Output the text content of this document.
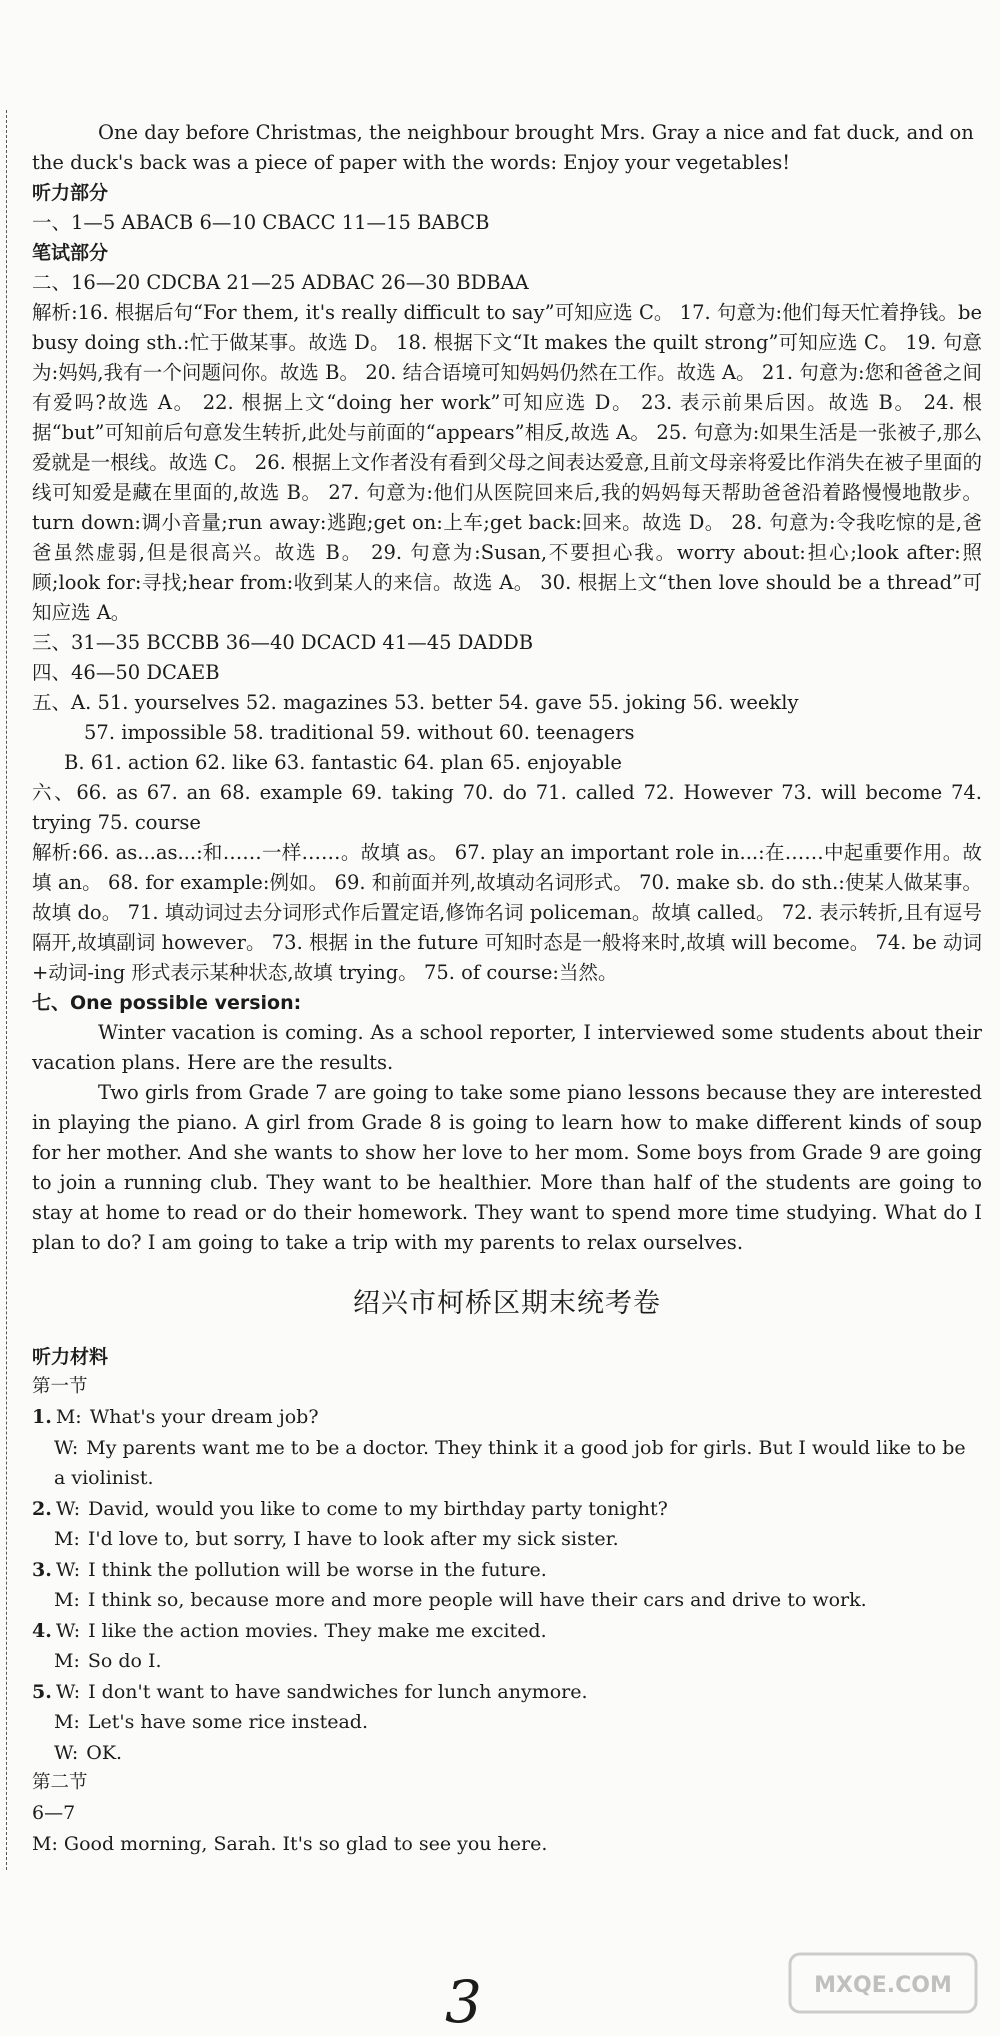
One day before Christmas, the neighbour brought Mrs. Gray a nice and fat duck, and on

the duck's back was a piece of paper with the words: Enjoy your vegetables!

听力部分
一、1—5 ABACB 6—10 CBACC 11—15 BABCB
笔试部分
二、16—20 CDCBA 21—25 ADBAC 26—30 BDBAA

解析:16. 根据后句“For them, it's really difficult to say”可知应选 C。 17. 句意为:他们每天忙着挣钱。be busy doing sth.:忙于做某事。故选 D。 18. 根据下文“It makes the quilt strong”可知应选 C。 19. 句意为:妈妈,我有一个问题问你。故选 B。 20. 结合语境可知妈妈仍然在工作。故选 A。 21. 句意为:您和爸爸之间有爱吗?故选 A。 22. 根据上文“doing her work”可知应选 D。 23. 表示前果后因。故选 B。 24. 根据“but”可知前后句意发生转折,此处与前面的“appears”相反,故选 A。 25. 句意为:如果生活是一张被子,那么爱就是一根线。故选 C。 26. 根据上文作者没有看到父母之间表达爱意,且前文母亲将爱比作消失在被子里面的线可知爱是藏在里面的,故选 B。 27. 句意为:他们从医院回来后,我的妈妈每天帮助爸爸沿着路慢慢地散步。turn down:调小音量;run away:逃跑;get on:上车;get back:回来。故选 D。 28. 句意为:令我吃惊的是,爸爸虽然虚弱,但是很高兴。故选 B。 29. 句意为:Susan,不要担心我。worry about:担心;look after:照顾;look for:寻找;hear from:收到某人的来信。故选 A。 30. 根据上文“then love should be a thread”可知应选 A。

三、31—35 BCCBB 36—40 DCACD 41—45 DADDB
四、46—50 DCAEB
五、A. 51. yourselves 52. magazines 53. better 54. gave 55. joking 56. weekly
57. impossible 58. traditional 59. without 60. teenagers
B. 61. action 62. like 63. fantastic 64. plan 65. enjoyable

六、66. as 67. an 68. example 69. taking 70. do 71. called 72. However 73. will become 74. trying 75. course

解析:66. as...as...:和……一样……。故填 as。 67. play an important role in...:在……中起重要作用。故填 an。 68. for example:例如。 69. 和前面并列,故填动名词形式。 70. make sb. do sth.:使某人做某事。故填 do。 71. 填动词过去分词形式作后置定语,修饰名词 policeman。故填 called。 72. 表示转折,且有逗号隔开,故填副词 however。 73. 根据 in the future 可知时态是一般将来时,故填 will become。 74. be 动词+动词-ing 形式表示某种状态,故填 trying。 75. of course:当然。

七、One possible version:

Winter vacation is coming. As a school reporter, I interviewed some students about their vacation plans. Here are the results.

Two girls from Grade 7 are going to take some piano lessons because they are interested in playing the piano. A girl from Grade 8 is going to learn how to make different kinds of soup for her mother. And she wants to show her love to her mom. Some boys from Grade 9 are going to join a running club. They want to be healthier. More than half of the students are going to stay at home to read or do their homework. They want to spend more time studying. What do I plan to do? I am going to take a trip with my parents to relax ourselves.

绍兴市柯桥区期末统考卷
听力材料
第一节
1. M: What's your dream job?
W: My parents want me to be a doctor. They think it a good job for girls. But I would like to be a violinist.
2. W: David, would you like to come to my birthday party tonight?
M: I'd love to, but sorry, I have to look after my sick sister.
3. W: I think the pollution will be worse in the future.
M: I think so, because more and more people will have their cars and drive to work.
4. W: I like the action movies. They make me excited.
M: So do I.
5. W: I don't want to have sandwiches for lunch anymore.
M: Let's have some rice instead.
W: OK.
第二节
6—7
M: Good morning, Sarah. It's so glad to see you here.
3	MXQE.COM
